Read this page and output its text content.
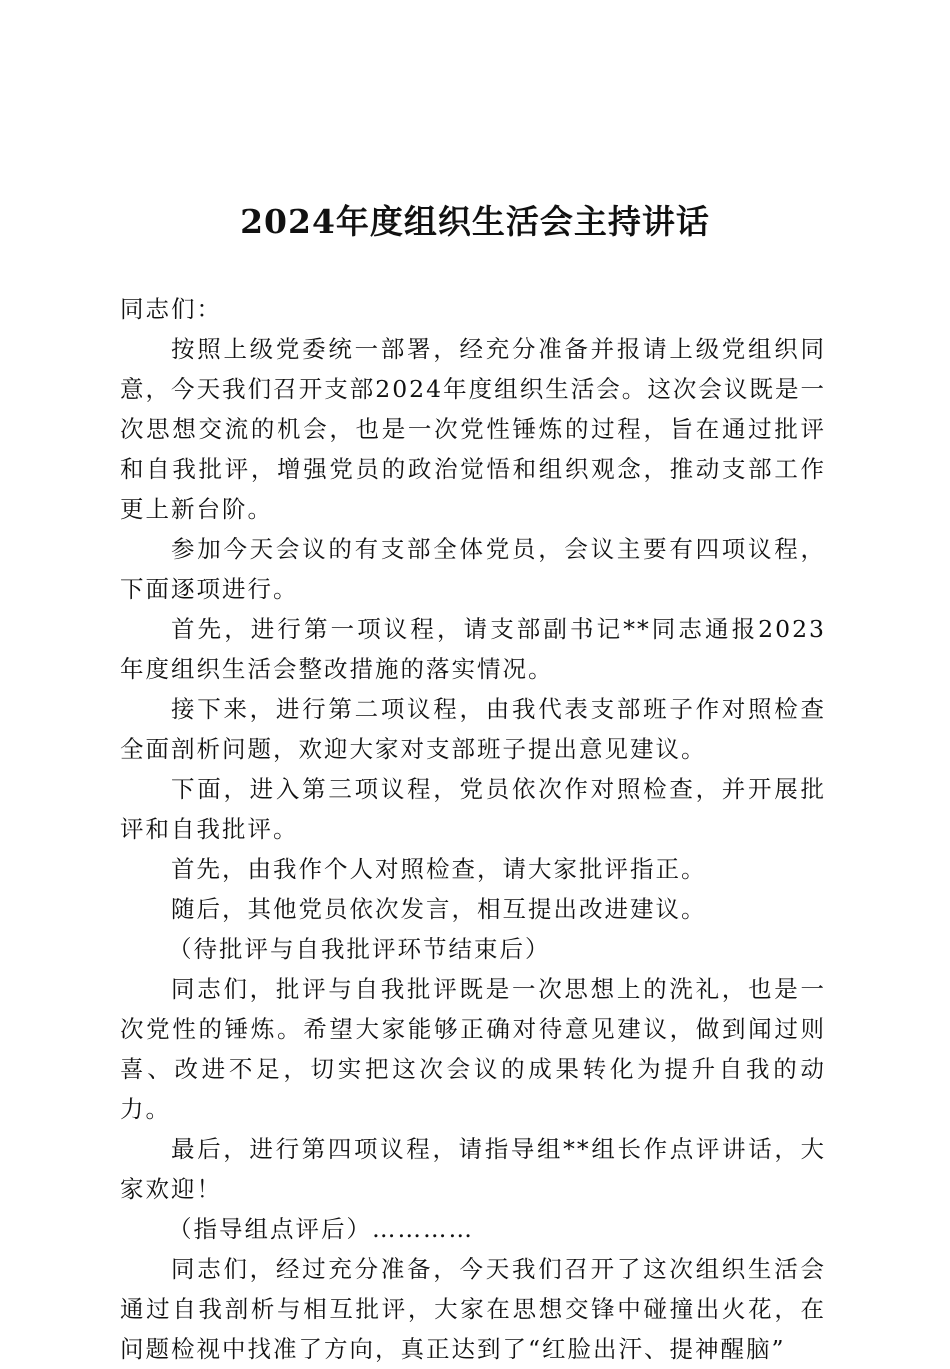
2024年度组织生活会主持讲话

同志们：

按照上级党委统一部署，经充分准备并报请上级党组织同意，今天我们召开支部2024年度组织生活会。这次会议既是一次思想交流的机会，也是一次党性锤炼的过程，旨在通过批评和自我批评，增强党员的政治觉悟和组织观念，推动支部工作更上新台阶。

参加今天会议的有支部全体党员，会议主要有四项议程，下面逐项进行。

首先，进行第一项议程，请支部副书记**同志通报2023年度组织生活会整改措施的落实情况。

接下来，进行第二项议程，由我代表支部班子作对照检查全面剖析问题，欢迎大家对支部班子提出意见建议。

下面，进入第三项议程，党员依次作对照检查，并开展批评和自我批评。

首先，由我作个人对照检查，请大家批评指正。

随后，其他党员依次发言，相互提出改进建议。

（待批评与自我批评环节结束后）

同志们，批评与自我批评既是一次思想上的洗礼，也是一次党性的锤炼。希望大家能够正确对待意见建议，做到闻过则喜、改进不足，切实把这次会议的成果转化为提升自我的动力。

最后，进行第四项议程，请指导组**组长作点评讲话，大家欢迎！

（指导组点评后）…………

同志们，经过充分准备，今天我们召开了这次组织生活会通过自我剖析与相互批评，大家在思想交锋中碰撞出火花，在问题检视中找准了方向，真正达到了“红脸出汗、提神醒脑”
